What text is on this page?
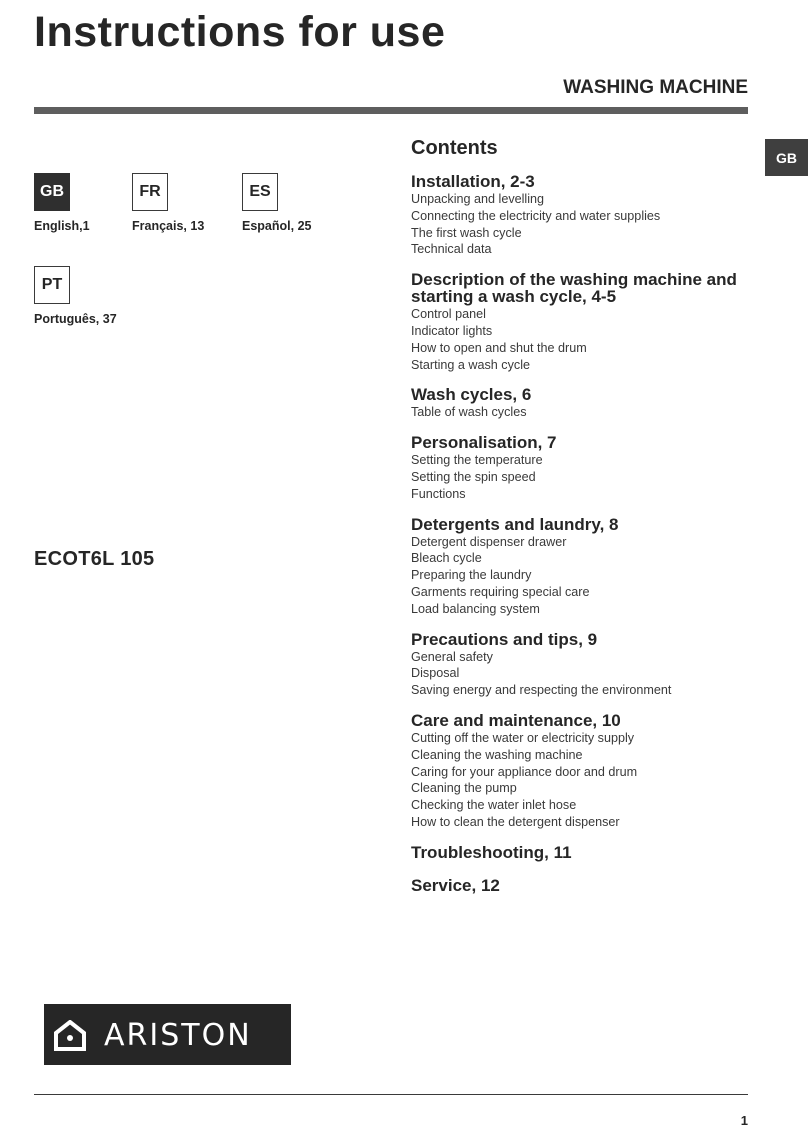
Instructions for use
WASHING MACHINE
GB
GB
English,1
FR
Français, 13
ES
Español, 25
PT
Português, 37
ECOT6L 105
Contents
Installation, 2-3
Unpacking and levelling
Connecting the electricity and water supplies
The first wash cycle
Technical data
Description of the washing machine and starting a wash cycle, 4-5
Control panel
Indicator lights
How to open and shut the drum
Starting a wash cycle
Wash cycles, 6
Table of wash cycles
Personalisation, 7
Setting the temperature
Setting the spin speed
Functions
Detergents and laundry, 8
Detergent dispenser drawer
Bleach cycle
Preparing the laundry
Garments requiring special care
Load balancing system
Precautions and tips, 9
General safety
Disposal
Saving energy and respecting the environment
Care and maintenance, 10
Cutting off the water or electricity supply
Cleaning the washing machine
Caring for your appliance door and drum
Cleaning the pump
Checking the water inlet hose
How to clean the detergent dispenser
Troubleshooting, 11
Service, 12
ARISTON
1
